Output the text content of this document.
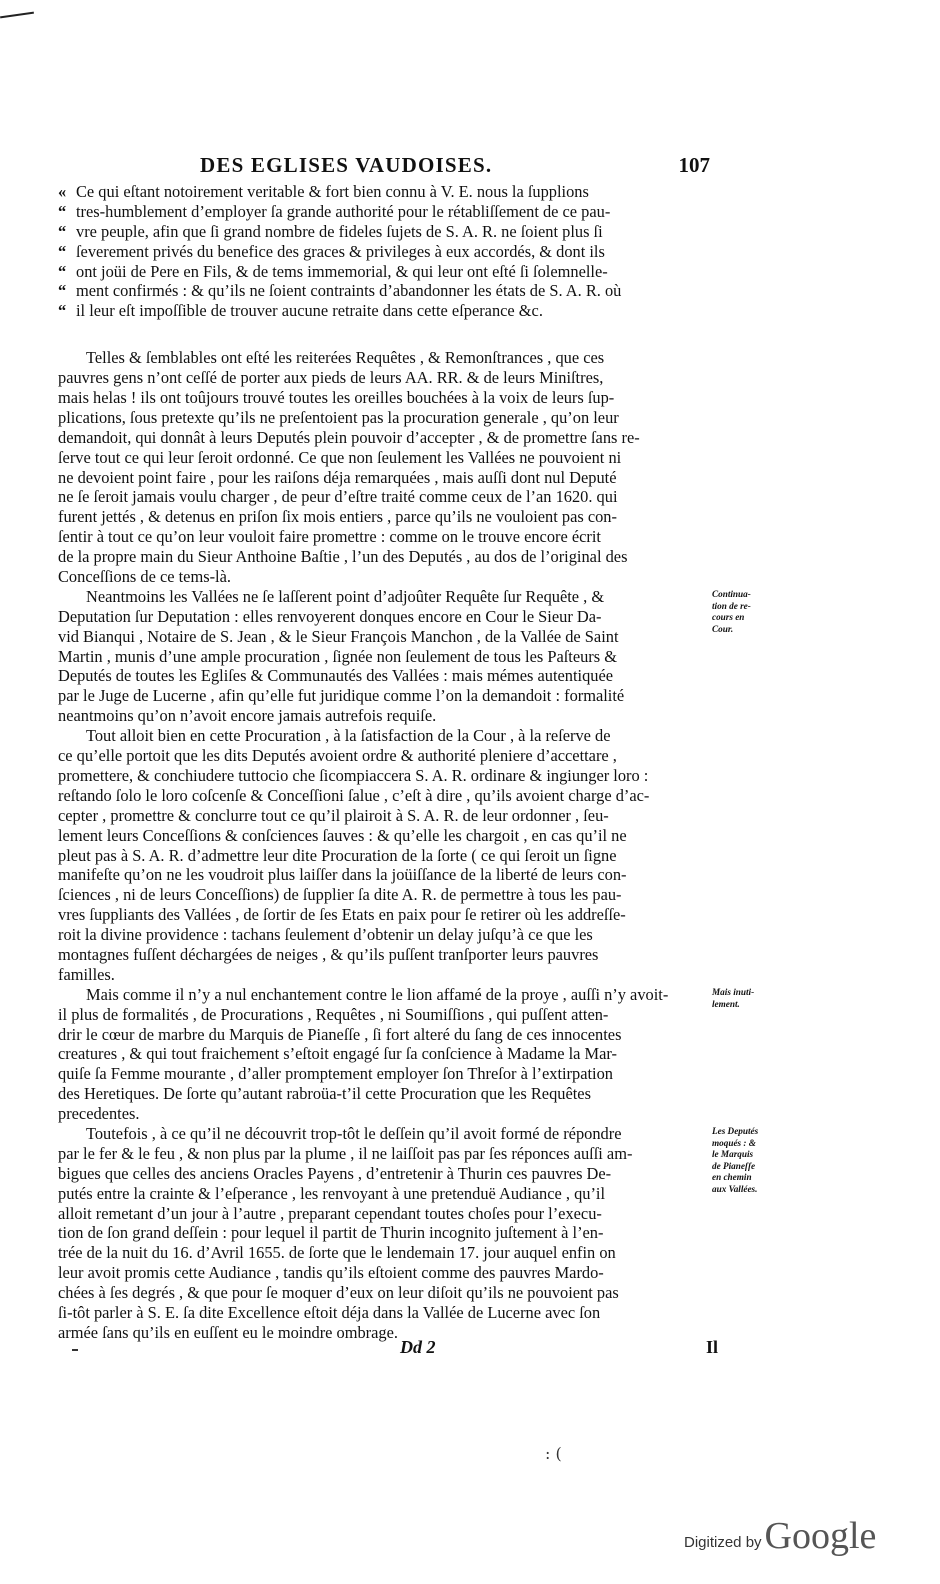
DES EGLISES VAUDOISES.	107
« Ce qui eſtant notoirement veritable & fort bien connu à V. E. nous la ſupplions
“ tres-humblement d’employer ſa grande authorité pour le rétabliſſement de ce pau-
“ vre peuple, afin que ſi grand nombre de fideles ſujets de S. A. R. ne ſoient plus ſi
“ ſeverement privés du benefice des graces & privileges à eux accordés, & dont ils
“ ont joüi de Pere en Fils, & de tems immemorial, & qui leur ont eſté ſi ſolemnelle-
“ ment confirmés : & qu’ils ne ſoient contraints d’abandonner les états de S. A. R. où
“ il leur eſt impoſſible de trouver aucune retraite dans cette eſperance &c.
Telles & ſemblables ont eſté les reiterées Requêtes , & Remonſtrances , que ces
pauvres gens n’ont ceſſé de porter aux pieds de leurs AA. RR. & de leurs Miniſtres,
mais helas ! ils ont toûjours trouvé toutes les oreilles bouchées à la voix de leurs ſup-
plications, ſous pretexte qu’ils ne preſentoient pas la procuration generale , qu’on leur
demandoit, qui donnât à leurs Deputés plein pouvoir d’accepter , & de promettre ſans re-
ſerve tout ce qui leur ſeroit ordonné. Ce que non ſeulement les Vallées ne pouvoient ni
ne devoient point faire , pour les raiſons déja remarquées , mais auſſi dont nul Deputé
ne ſe ſeroit jamais voulu charger , de peur d’eſtre traité comme ceux de l’an 1620. qui
furent jettés , & detenus en priſon ſix mois entiers , parce qu’ils ne vouloient pas con-
ſentir à tout ce qu’on leur vouloit faire promettre : comme on le trouve encore écrit
de la propre main du Sieur Anthoine Baſtie , l’un des Deputés , au dos de l’original des
Conceſſions de ce tems-là.
Neantmoins les Vallées ne ſe laſſerent point d’adjoûter Requête ſur Requête , &
Deputation ſur Deputation : elles renvoyerent donques encore en Cour le Sieur Da-
vid Bianqui , Notaire de S. Jean , & le Sieur François Manchon , de la Vallée de Saint
Martin , munis d’une ample procuration , ſignée non ſeulement de tous les Paſteurs &
Deputés de toutes les Egliſes & Communautés des Vallées : mais mémes autentiquée
par le Juge de Lucerne , afin qu’elle fut juridique comme l’on la demandoit : formalité
neantmoins qu’on n’avoit encore jamais autrefois requiſe.
Tout alloit bien en cette Procuration , à la ſatisfaction de la Cour , à la reſerve de
ce qu’elle portoit que les dits Deputés avoient ordre & authorité pleniere d’accettare ,
promettere, & conchiudere tuttocio che ſicompiaccera S. A. R. ordinare & ingiunger loro :
reſtando ſolo le loro coſcenſe & Conceſſioni ſalue , c’eſt à dire , qu’ils avoient charge d’ac-
cepter , promettre & conclurre tout ce qu’il plairoit à S. A. R. de leur ordonner , ſeu-
lement leurs Conceſſions & conſciences ſauves : & qu’elle les chargoit , en cas qu’il ne
pleut pas à S. A. R. d’admettre leur dite Procuration de la ſorte ( ce qui ſeroit un ſigne
manifeſte qu’on ne les voudroit plus laiſſer dans la joüiſſance de la liberté de leurs con-
ſciences , ni de leurs Conceſſions) de ſupplier ſa dite A. R. de permettre à tous les pau-
vres ſuppliants des Vallées , de ſortir de ſes Etats en paix pour ſe retirer où les addreſſe-
roit la divine providence : tachans ſeulement d’obtenir un delay juſqu’à ce que les
montagnes fuſſent déchargées de neiges , & qu’ils puſſent tranſporter leurs pauvres
familles.
Mais comme il n’y a nul enchantement contre le lion affamé de la proye , auſſi n’y avoit-
il plus de formalités , de Procurations , Requêtes , ni Soumiſſions , qui puſſent atten-
drir le cœur de marbre du Marquis de Pianeſſe , ſi fort alteré du ſang de ces innocentes
creatures , & qui tout fraichement s’eſtoit engagé ſur ſa conſcience à Madame la Mar-
quiſe ſa Femme mourante , d’aller promptement employer ſon Threſor à l’extirpation
des Heretiques. De ſorte qu’autant rabroüa-t’il cette Procuration que les Requêtes
precedentes.
Toutefois , à ce qu’il ne découvrit trop-tôt le deſſein qu’il avoit formé de répondre
par le fer & le feu , & non plus par la plume , il ne laiſſoit pas par ſes réponces auſſi am-
bigues que celles des anciens Oracles Payens , d’entretenir à Thurin ces pauvres De-
putés entre la crainte & l’eſperance , les renvoyant à une pretenduë Audiance , qu’il
alloit remetant d’un jour à l’autre , preparant cependant toutes choſes pour l’execu-
tion de ſon grand deſſein : pour lequel il partit de Thurin incognito juſtement à l’en-
trée de la nuit du 16. d’Avril 1655. de ſorte que le lendemain 17. jour auquel enfin on
leur avoit promis cette Audiance , tandis qu’ils eſtoient comme des pauvres Mardo-
chées à ſes degrés , & que pour ſe moquer d’eux on leur diſoit qu’ils ne pouvoient pas
ſi-tôt parler à S. E. ſa dite Excellence eſtoit déja dans la Vallée de Lucerne avec ſon
armée ſans qu’ils en euſſent eu le moindre ombrage.
Continua-
tion de re-
cours en
Cour.
Mais inuti-
lement.
Les Deputés
moqués : &
le Marquis
de Pianeſſe
en chemin
aux Vallées.
Dd 2	Il
: (
Digitized by Google
